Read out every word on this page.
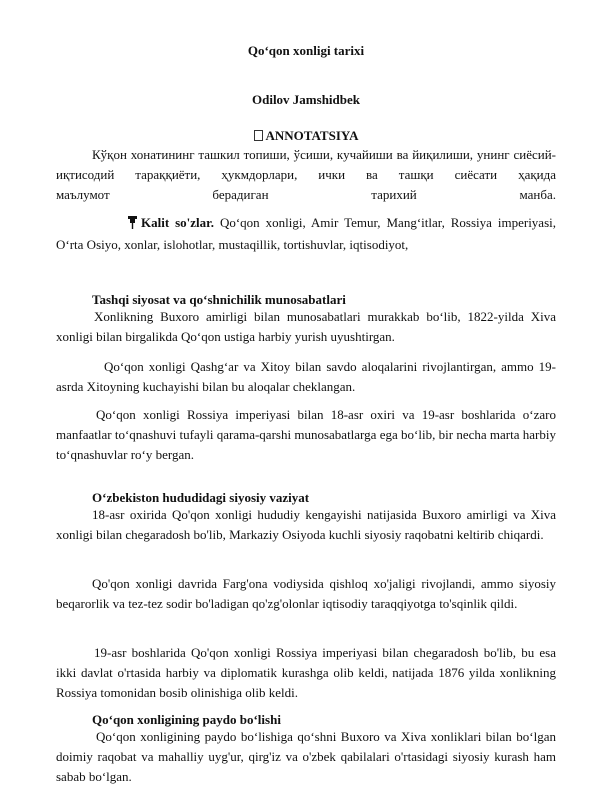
Qo‘qon xonligi tarixi
Odilov Jamshidbek
ANNOTATSIYA

Кўқон хонатининг ташкил топиши, ўсиши, кучайиши ва йиқилиши, унинг сиёсий-иқтисодий тараққиёти, ҳукмдорлари, ички ва ташқи сиёсати ҳақида

маълумот берадиган тарихий манба.

Kalit so'zlar. Qo‘qon xonligi, Amir Temur, Mang‘itlar, Rossiya imperiyasi, O‘rta Osiyo, xonlar, islohotlar, mustaqillik, tortishuvlar, iqtisodiyot,

Tashqi siyosat va qo‘shnichilik munosabatlari

Xonlikning Buxoro amirligi bilan munosabatlari murakkab bo‘lib, 1822-yilda Xiva xonligi bilan birgalikda Qo‘qon ustiga harbiy yurish uyushtirgan.

Qo‘qon xonligi Qashg‘ar va Xitoy bilan savdo aloqalarini rivojlantirgan, ammo 19-asrda Xitoyning kuchayishi bilan bu aloqalar cheklangan.

Qo‘qon xonligi Rossiya imperiyasi bilan 18-asr oxiri va 19-asr boshlarida o‘zaro manfaatlar to‘qnashuvi tufayli qarama-qarshi munosabatlarga ega bo‘lib, bir necha marta harbiy to‘qnashuvlar ro‘y bergan.

O‘zbekiston hududidagi siyosiy vaziyat

18-asr oxirida Qo'qon xonligi hududiy kengayishi natijasida Buxoro amirligi va Xiva xonligi bilan chegaradosh bo'lib, Markaziy Osiyoda kuchli siyosiy raqobatni keltirib chiqardi.

Qo'qon xonligi davrida Farg'ona vodiysida qishloq xo'jaligi rivojlandi, ammo siyosiy beqarorlik va tez-tez sodir bo'ladigan qo'zg'olonlar iqtisodiy taraqqiyotga to'sqinlik qildi.

19-asr boshlarida Qo'qon xonligi Rossiya imperiyasi bilan chegaradosh bo'lib, bu esa ikki davlat o'rtasida harbiy va diplomatik kurashga olib keldi, natijada 1876 yilda xonlikning Rossiya tomonidan bosib olinishiga olib keldi.

Qo‘qon xonligining paydo bo‘lishi

Qo‘qon xonligining paydo bo‘lishiga qo‘shni Buxoro va Xiva xonliklari bilan bo‘lgan doimiy raqobat va mahalliy uyg'ur, qirg'iz va o'zbek qabilalari o'rtasidagi siyosiy kurash ham sabab bo‘lgan.
